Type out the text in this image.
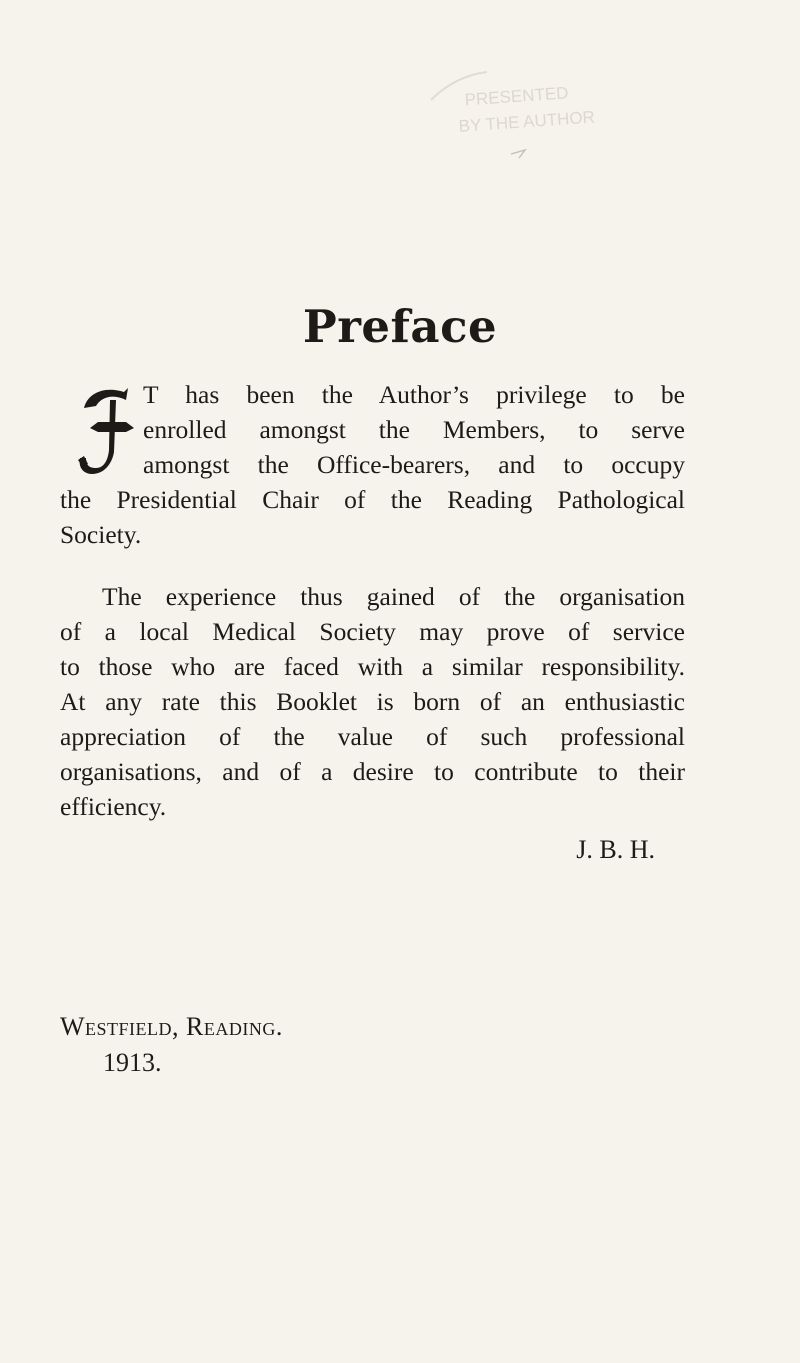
PRESENTED
BY THE AUTHOR
Preface
T has been the Author’s privilege to be
enrolled amongst the Members, to serve
amongst the Office-bearers, and to occupy
the Presidential Chair of the Reading Pathological
Society.
The experience thus gained of the organisation
of a local Medical Society may prove of service
to those who are faced with a similar responsibility.
At any rate this Booklet is born of an enthusiastic
appreciation of the value of such professional
organisations, and of a desire to contribute to their
efficiency.
J. B. H.
Westfield, Reading.
1913.
